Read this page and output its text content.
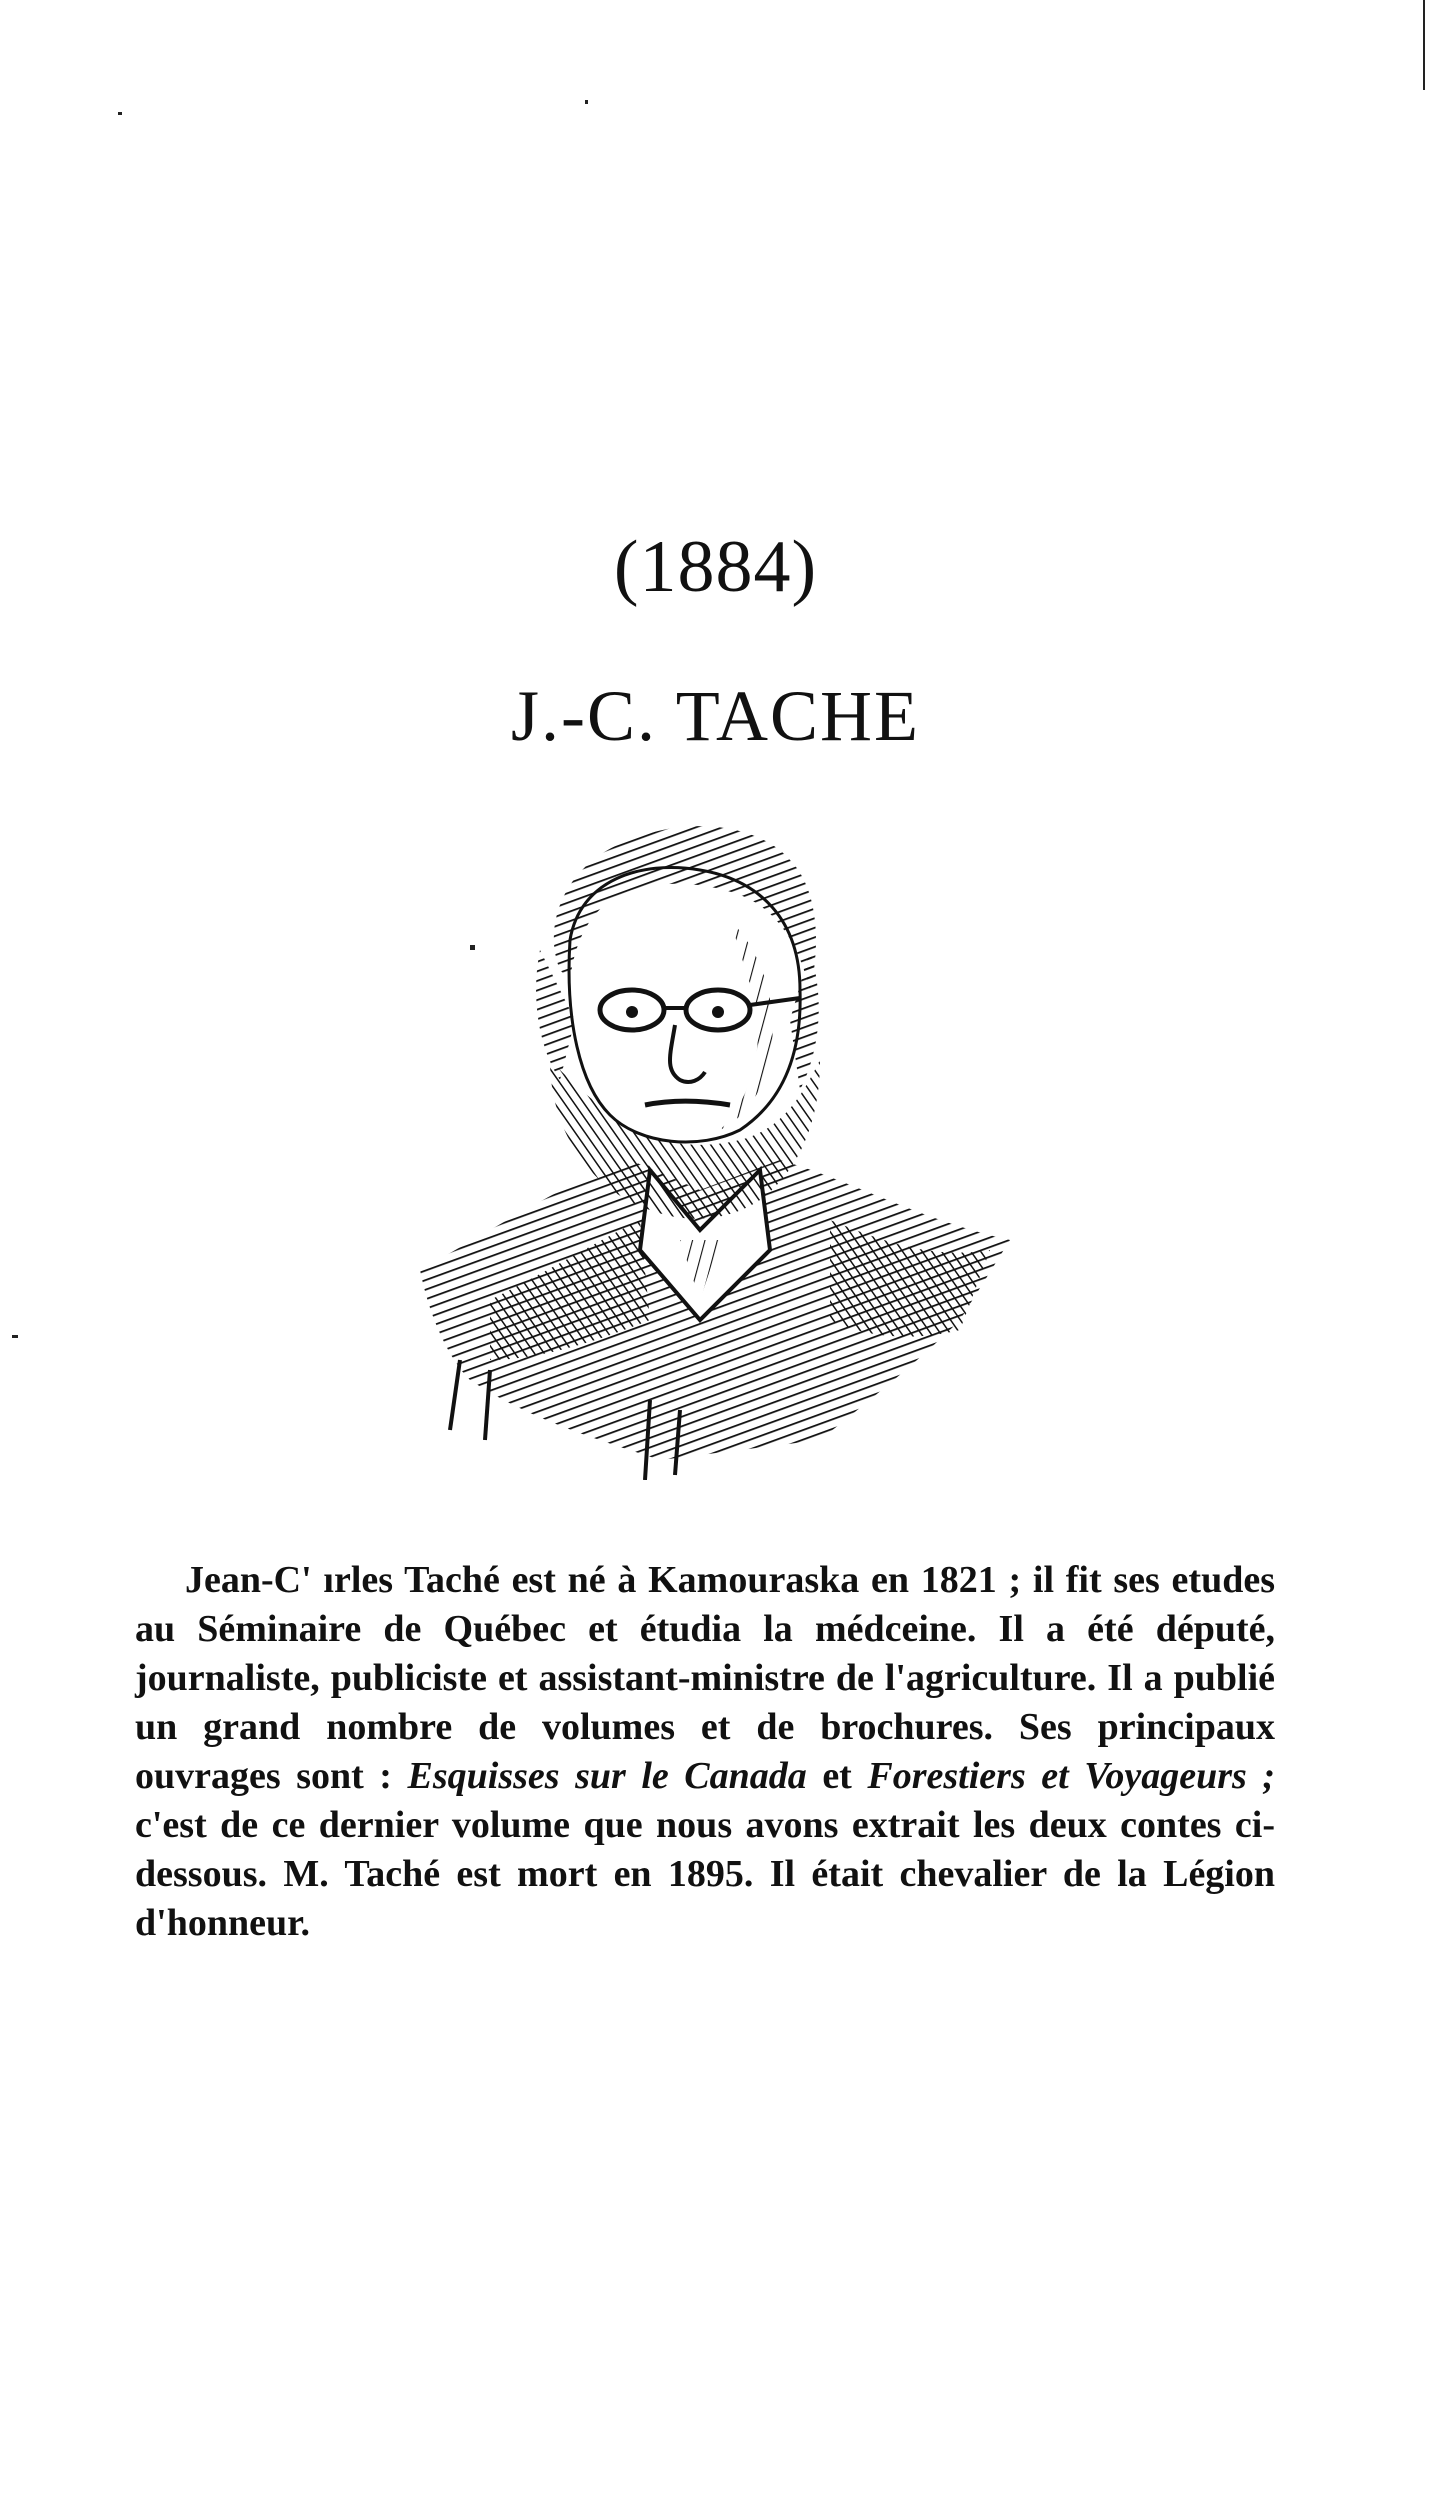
(1884)
J.-C. TACHE

Jean-C' ırles Taché est né à Kamouraska en 1821 ; il fit ses etudes au Séminaire de Québec et étudia la médceine. Il a été député, journaliste, publiciste et assistant-ministre de l'agriculture. Il a publié un grand nombre de volumes et de brochures. Ses principaux ouvrages sont : Esquisses sur le Canada et Forestiers et Voyageurs ; c'est de ce dernier volume que nous avons extrait les deux contes ci-dessous. M. Taché est mort en 1895. Il était chevalier de la Légion d'honneur.
